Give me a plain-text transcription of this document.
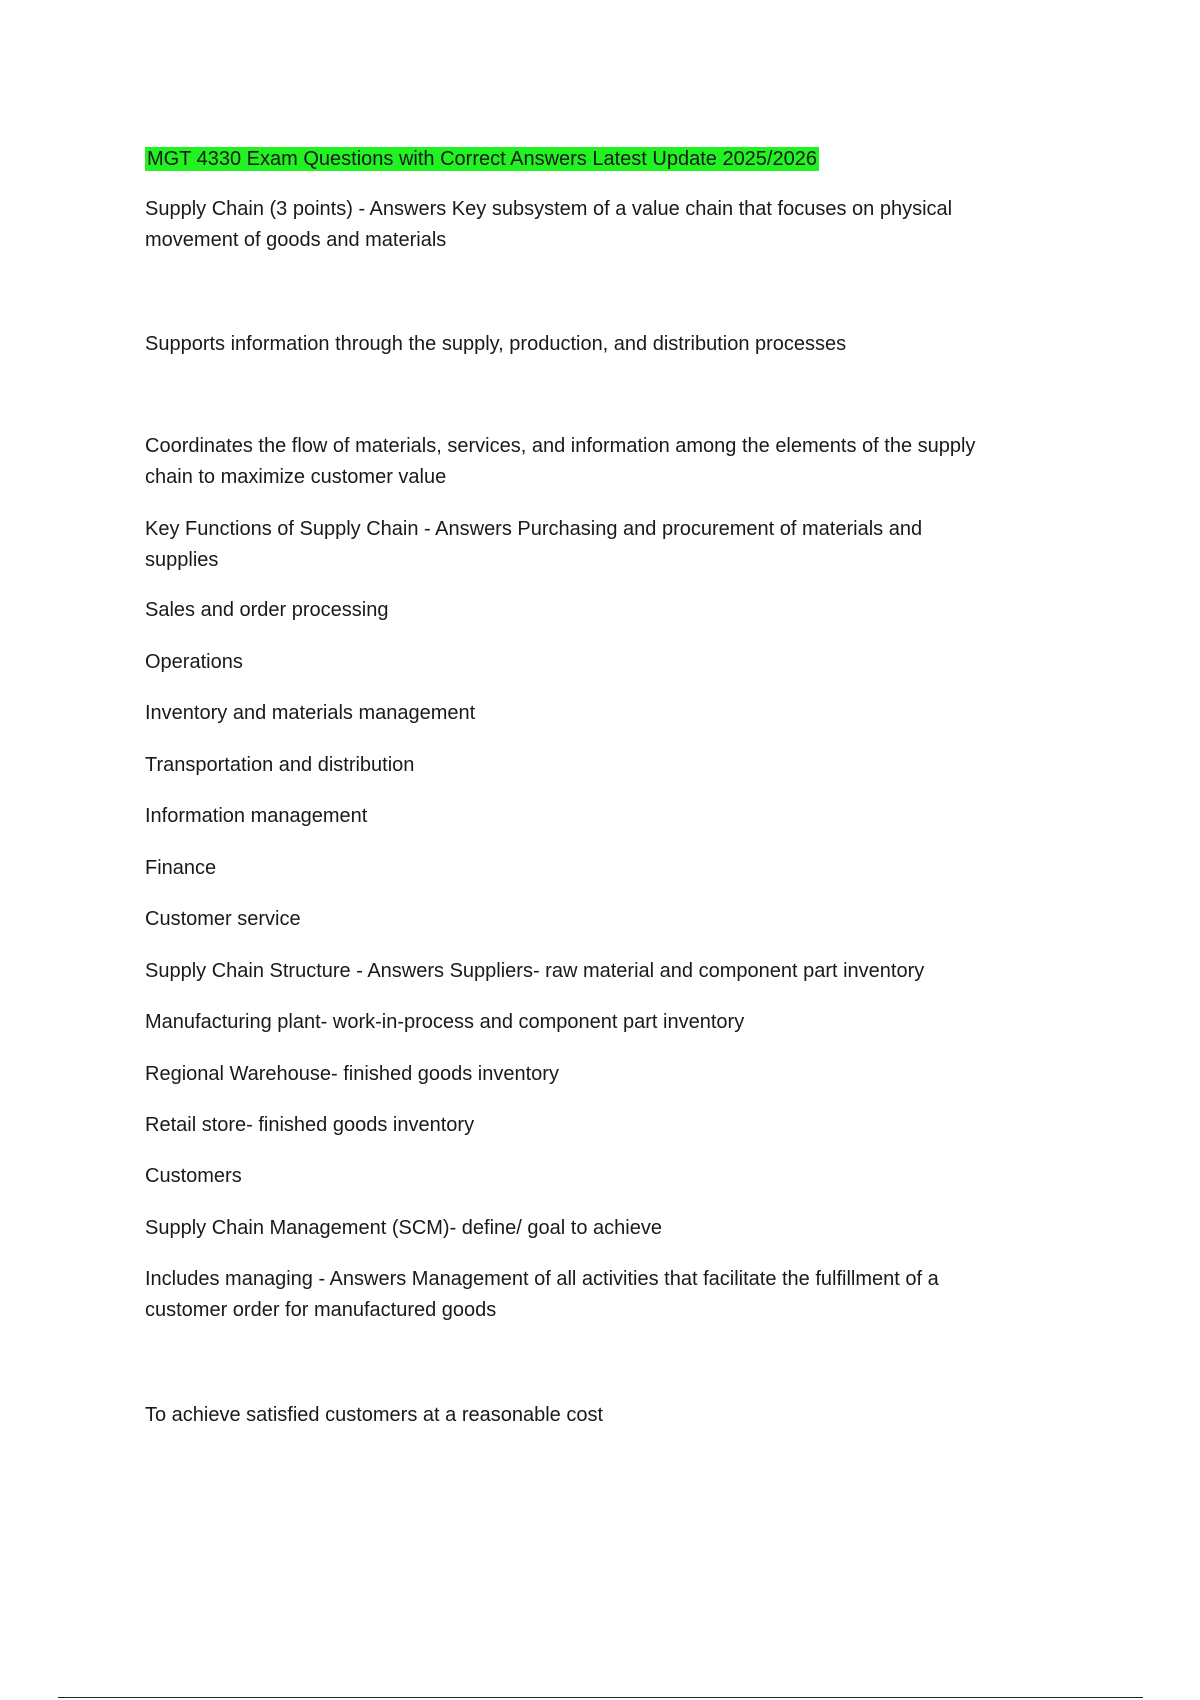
MGT 4330 Exam Questions with Correct Answers Latest Update 2025/2026

Supply Chain (3 points) - Answers Key subsystem of a value chain that focuses on physical
movement of goods and materials

Supports information through the supply, production, and distribution processes

Coordinates the flow of materials, services, and information among the elements of the supply
chain to maximize customer value

Key Functions of Supply Chain - Answers Purchasing and procurement of materials and
supplies

Sales and order processing

Operations

Inventory and materials management

Transportation and distribution

Information management

Finance

Customer service

Supply Chain Structure - Answers Suppliers- raw material and component part inventory

Manufacturing plant- work-in-process and component part inventory

Regional Warehouse- finished goods inventory

Retail store- finished goods inventory

Customers

Supply Chain Management (SCM)- define/ goal to achieve

Includes managing - Answers Management of all activities that facilitate the fulfillment of a
customer order for manufactured goods

To achieve satisfied customers at a reasonable cost
